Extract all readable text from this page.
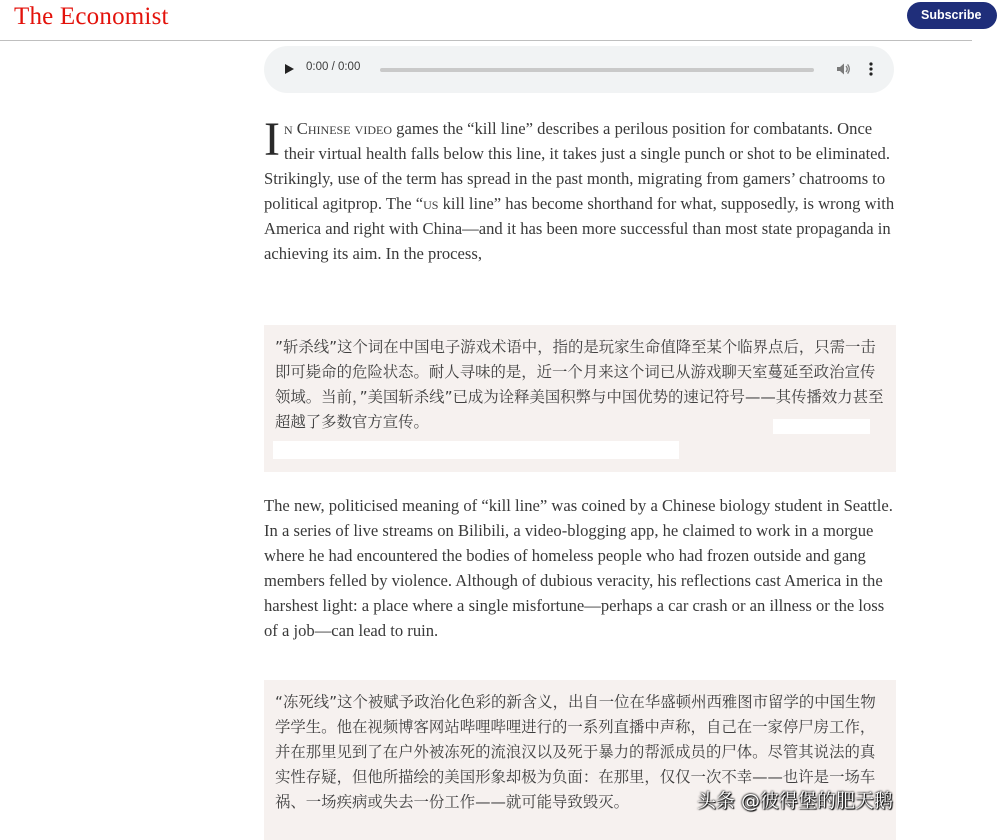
The Economist	Subscribe
0:00 / 0:00

In Chinese video games the “kill line” describes a perilous position for combatants. Once their virtual health falls below this line, it takes just a single punch or shot to be eliminated. Strikingly, use of the term has spread in the past month, migrating from gamers’ chatrooms to political agitprop. The “us kill line” has become shorthand for what, supposedly, is wrong with America and right with China—and it has been more successful than most state propaganda in achieving its aim. In the process,

”斩杀线”这个词在中国电子游戏术语中，指的是玩家生命值降至某个临界点后，只需一击即可毙命的危险状态。耐人寻味的是，近一个月来这个词已从游戏聊天室蔓延至政治宣传领域。当前，”美国斩杀线”已成为诠释美国积弊与中国优势的速记符号——其传播效力甚至超越了多数官方宣传。

The new, politicised meaning of “kill line” was coined by a Chinese biology student in Seattle. In a series of live streams on Bilibili, a video-blogging app, he claimed to work in a morgue where he had encountered the bodies of homeless people who had frozen outside and gang members felled by violence. Although of dubious veracity, his reflections cast America in the harshest light: a place where a single misfortune—perhaps a car crash or an illness or the loss of a job—can lead to ruin.

“冻死线”这个被赋予政治化色彩的新含义，出自一位在华盛顿州西雅图市留学的中国生物学学生。他在视频博客网站哔哩哔哩进行的一系列直播中声称，自己在一家停尸房工作，并在那里见到了在户外被冻死的流浪汉以及死于暴力的帮派成员的尸体。尽管其说法的真实性存疑，但他所描绘的美国形象却极为负面：在那里，仅仅一次不幸——也许是一场车祸、一场疾病或失去一份工作——就可能导致毁灭。	头条 @彼得堡的肥天鹅
